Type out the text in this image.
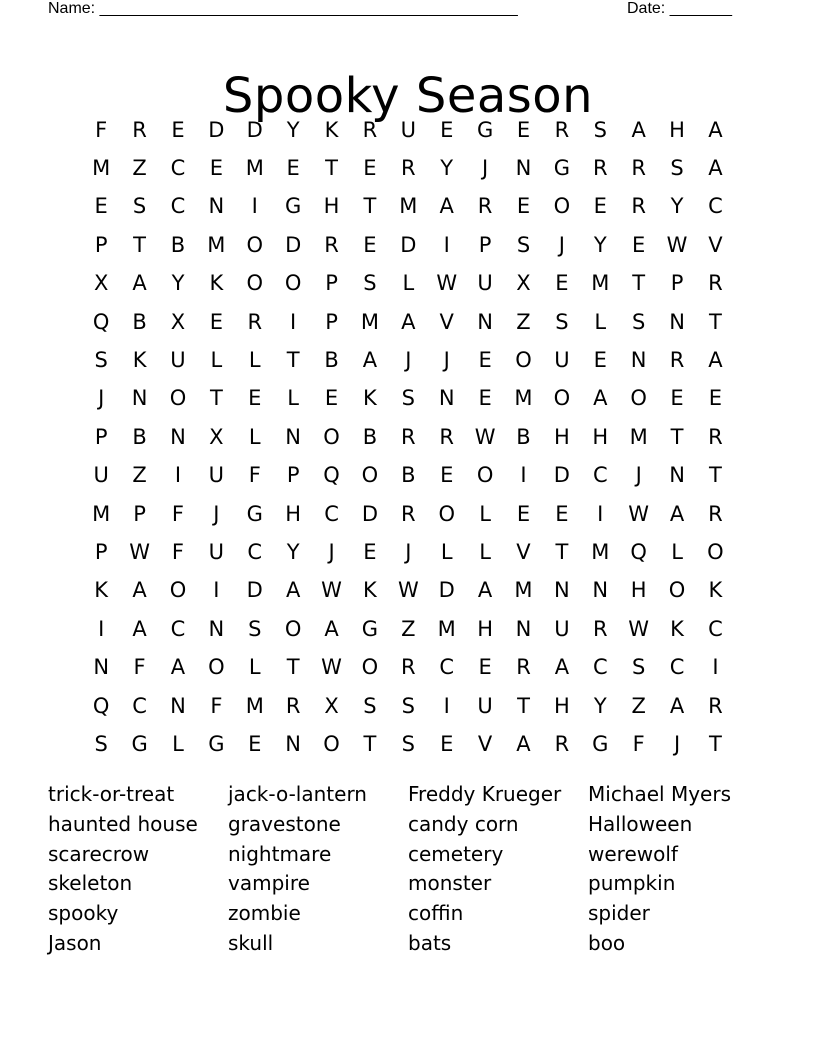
Name: _______________________________________________	Date: _______
Spooky Season
F	R	E	D	D	Y	K	R	U	E	G	E	R	S	A	H	A
M	Z	C	E	M	E	T	E	R	Y	J	N	G	R	R	S	A
E	S	C	N	I	G	H	T	M	A	R	E	O	E	R	Y	C
P	T	B	M	O	D	R	E	D	I	P	S	J	Y	E	W V
X	A	Y	K	O	O	P	S	L	W U	X	E	M	T	P	R
Q	B	X	E	R	I	P	M	A	V	N	Z	S	L	S	N	T
S	K	U	L	L	T	B	A	J	J	E	O	U	E	N	R	A
J	N	O	T	E	L	E	K	S	N	E	M	O	A	O	E	E
P	B	N	X	L	N	O	B	R	R W B	H	H	M	T	R
U	Z	I	U	F	P	Q	O	B	E	O	I	D	C	J	N	T
M	P	F	J	G	H	C	D	R	O	L	E	E	I	W A	R
P	W	F	U	C	Y	J	E	J	L	L	V	T	M	Q	L	O
K	A	O	I	D	A W	K	W D	A	M	N	N	H	O	K
I	A	C	N	S	O	A	G	Z	M	H	N	U	R W	K	C
N	F	A	O	L	T	W O	R	C	E	R	A	C	S	C	I
Q	C	N	F	M	R	X	S	S	I	U	T	H	Y	Z	A	R
S	G	L	G	E	N	O	T	S	E	V	A	R	G	F	J	T
trick-or-treat	jack-o-lantern	Freddy Krueger	Michael Myers
haunted house	gravestone	candy corn	Halloween
scarecrow	nightmare	cemetery	werewolf
skeleton	vampire	monster	pumpkin
spooky	zombie	coffin	spider
Jason	skull	bats	boo
